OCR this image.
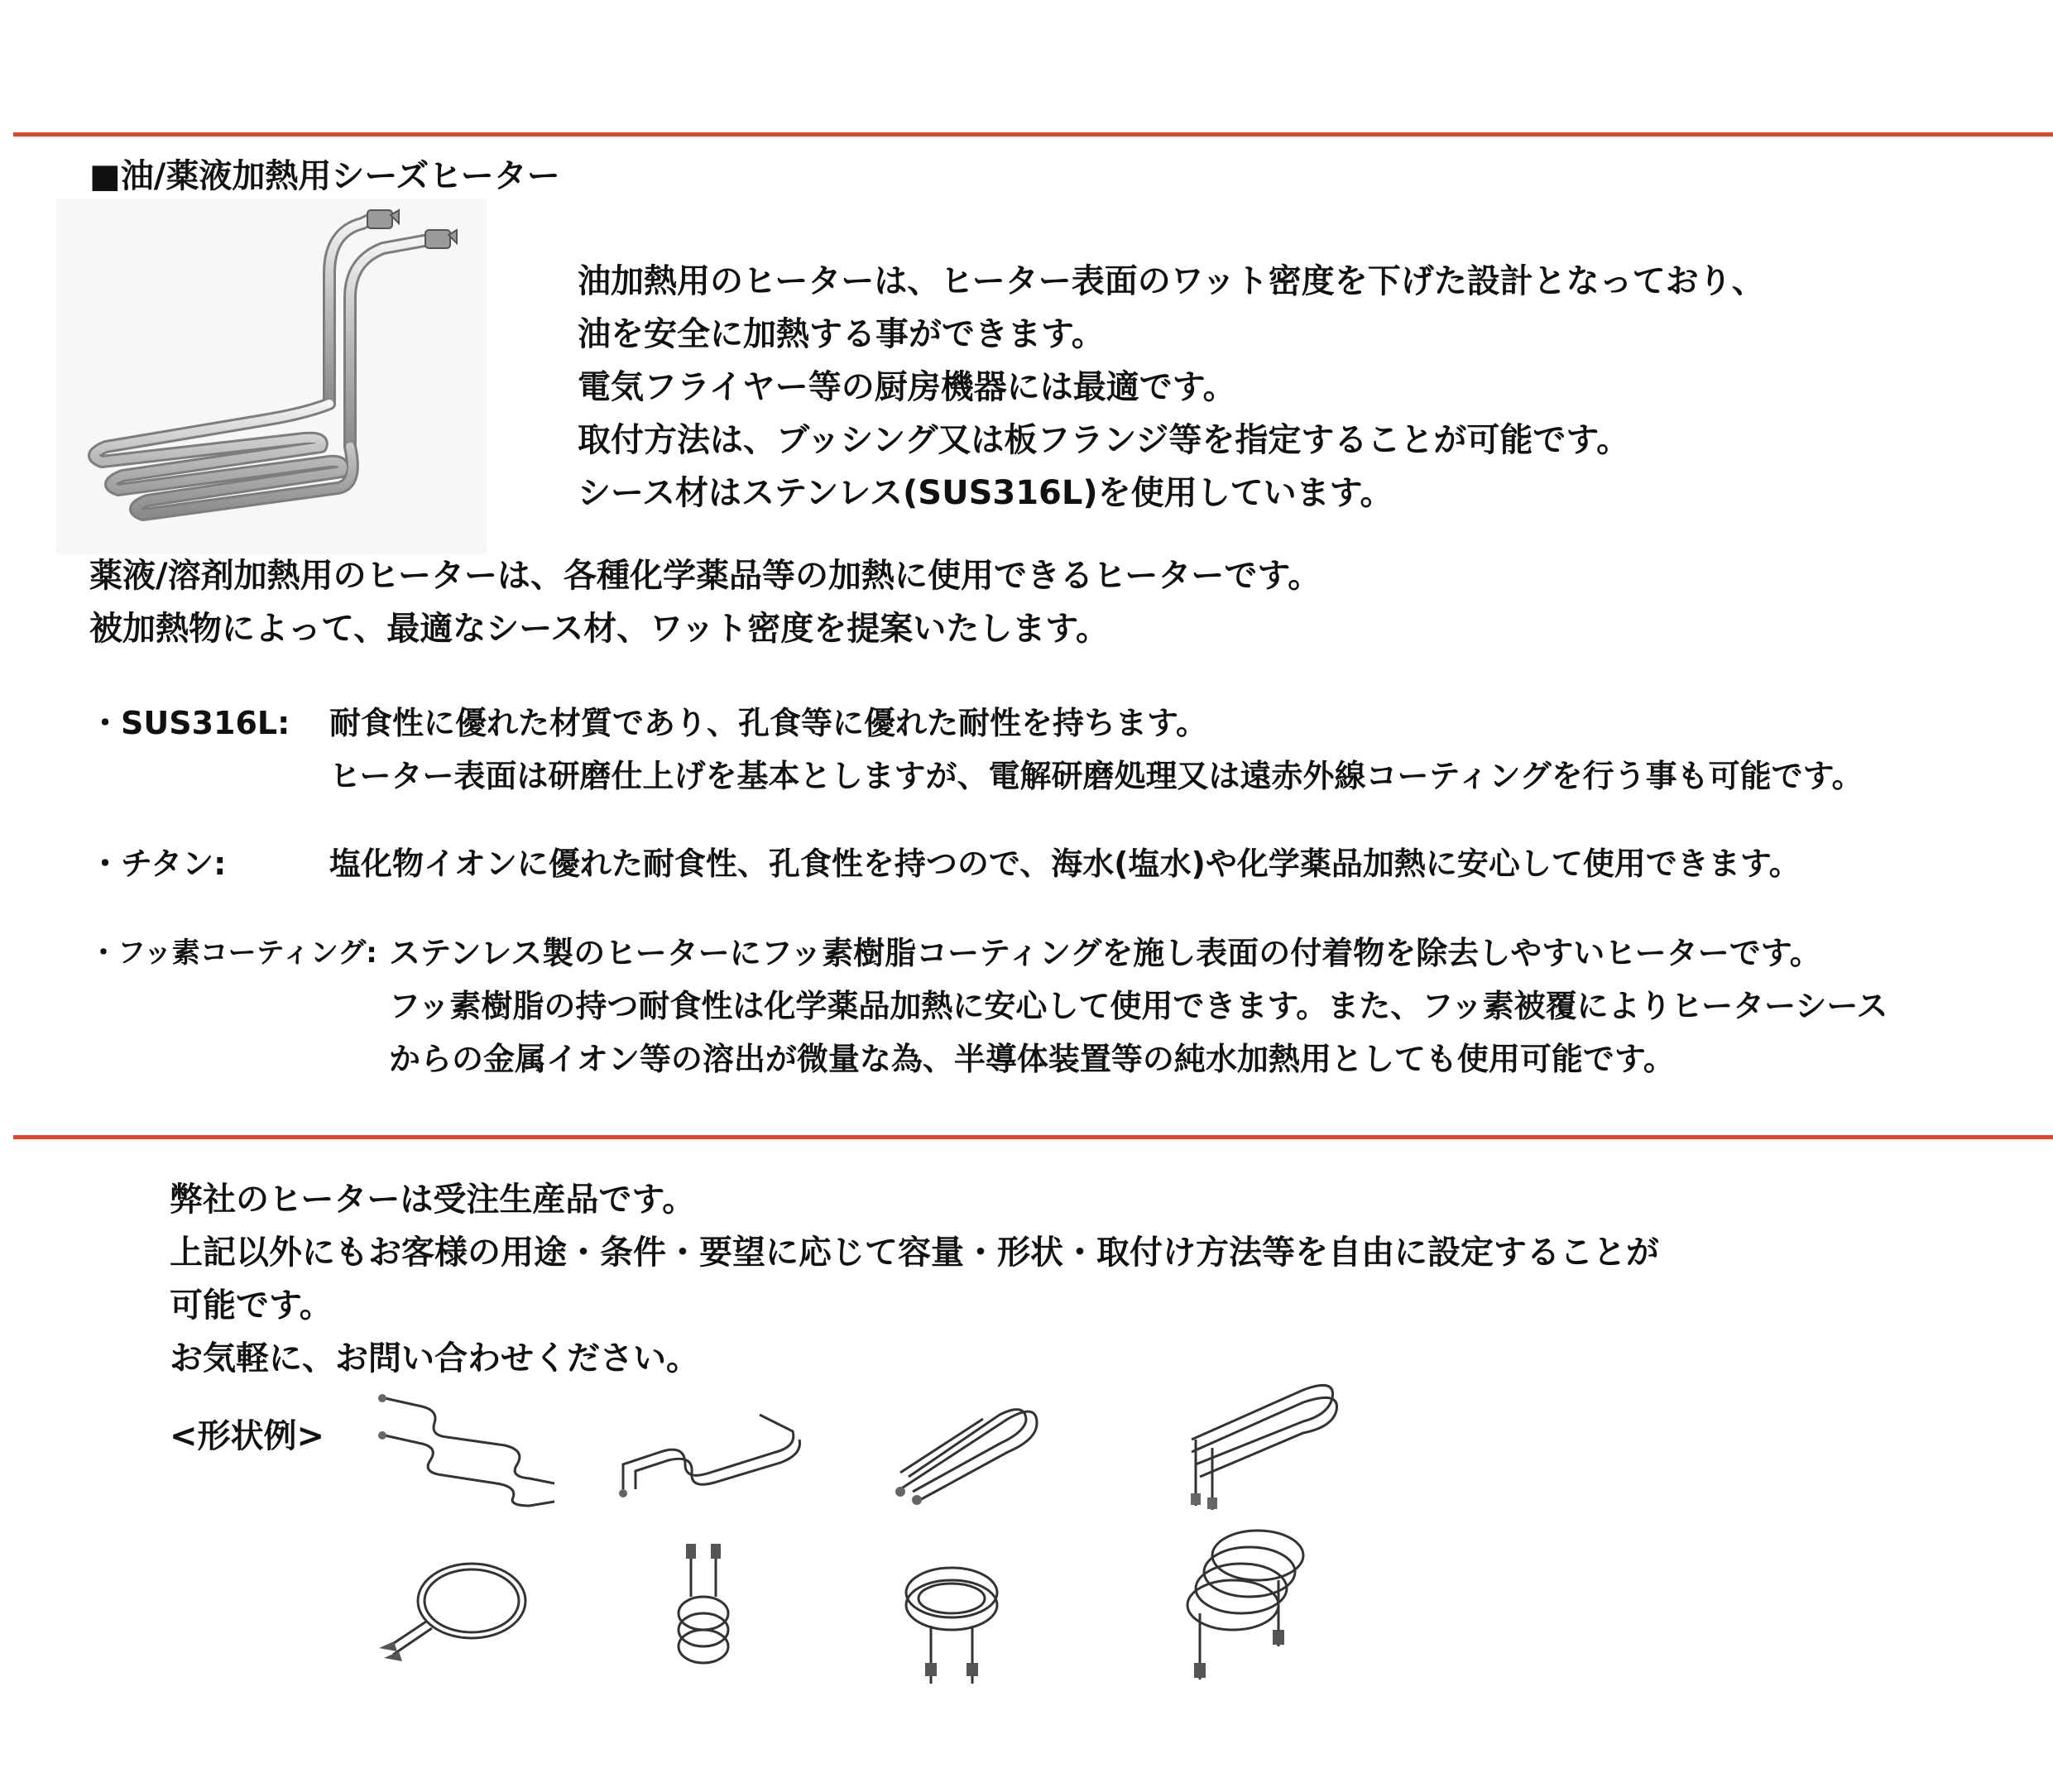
■油/薬液加熱用シーズヒーター
油加熱用のヒーターは、ヒーター表面のワット密度を下げた設計となっており、
油を安全に加熱する事ができます。
電気フライヤー等の厨房機器には最適です。
取付方法は、ブッシング又は板フランジ等を指定することが可能です。
シース材はステンレス(SUS316L)を使用しています。
薬液/溶剤加熱用のヒーターは、各種化学薬品等の加熱に使用できるヒーターです。
被加熱物によって、最適なシース材、ワット密度を提案いたします。
・SUS316L: 耐食性に優れた材質であり、孔食等に優れた耐性を持ちます。
ヒーター表面は研磨仕上げを基本としますが、電解研磨処理又は遠赤外線コーティングを行う事も可能です。
・チタン:	塩化物イオンに優れた耐食性、孔食性を持つので、海水(塩水)や化学薬品加熱に安心して使用できます。
・フッ素コーティング: ステンレス製のヒーターにフッ素樹脂コーティングを施し表面の付着物を除去しやすいヒーターです。
フッ素樹脂の持つ耐食性は化学薬品加熱に安心して使用できます。また、フッ素被覆によりヒーターシース
からの金属イオン等の溶出が微量な為、半導体装置等の純水加熱用としても使用可能です。
弊社のヒーターは受注生産品です。
上記以外にもお客様の用途・条件・要望に応じて容量・形状・取付け方法等を自由に設定することが
可能です。
お気軽に、お問い合わせください。
<形状例>
